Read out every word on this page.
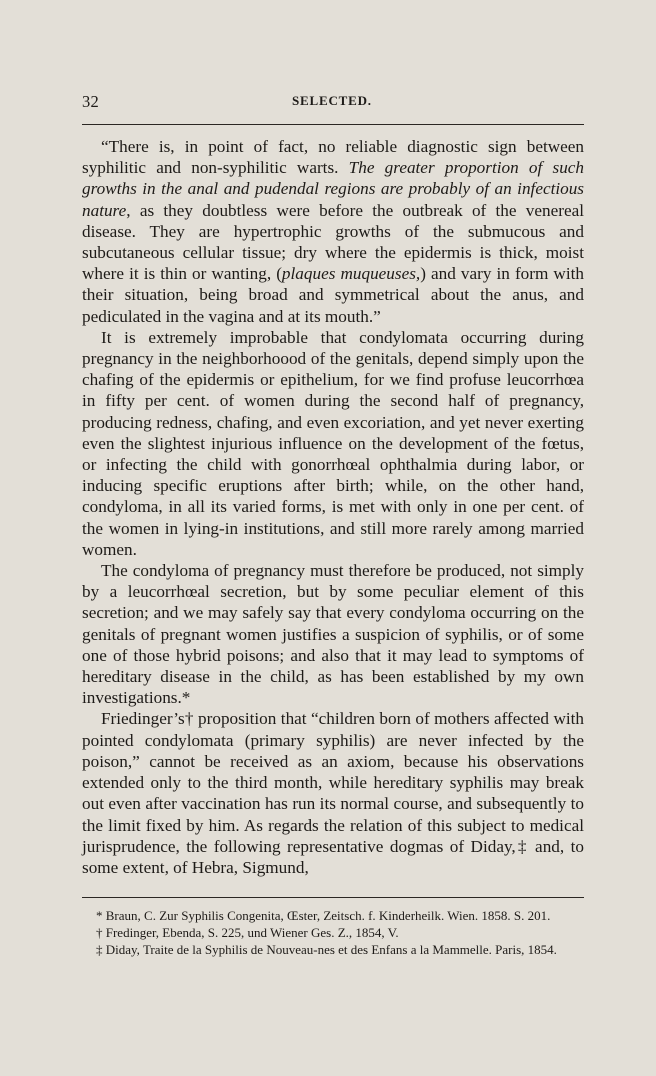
32	SELECTED.

“There is, in point of fact, no reliable diagnostic sign between syphilitic and non-syphilitic warts. The greater proportion of such growths in the anal and pudendal regions are probably of an infectious nature, as they doubtless were before the outbreak of the venereal disease. They are hypertrophic growths of the submucous and subcutaneous cellular tissue; dry where the epidermis is thick, moist where it is thin or wanting, (plaques muqueuses,) and vary in form with their situation, being broad and symmetrical about the anus, and pediculated in the vagina and at its mouth.”

It is extremely improbable that condylomata occurring during pregnancy in the neighborhoood of the genitals, depend simply upon the chafing of the epidermis or epithelium, for we find profuse leucorrhœa in fifty per cent. of women during the second half of pregnancy, producing redness, chafing, and even excoriation, and yet never exerting even the slightest injurious influence on the development of the fœtus, or infecting the child with gonorrhœal ophthalmia during labor, or inducing specific eruptions after birth; while, on the other hand, condyloma, in all its varied forms, is met with only in one per cent. of the women in lying-in institutions, and still more rarely among married women.

The condyloma of pregnancy must therefore be produced, not simply by a leucorrhœal secretion, but by some peculiar element of this secretion; and we may safely say that every condyloma occurring on the genitals of pregnant women justifies a suspicion of syphilis, or of some one of those hybrid poisons; and also that it may lead to symptoms of hereditary disease in the child, as has been established by my own investigations.*

Friedinger’s† proposition that “children born of mothers affected with pointed condylomata (primary syphilis) are never infected by the poison,” cannot be received as an axiom, because his observations extended only to the third month, while hereditary syphilis may break out even after vaccination has run its normal course, and subsequently to the limit fixed by him. As regards the relation of this subject to medical jurisprudence, the following representative dogmas of Diday,‡ and, to some extent, of Hebra, Sigmund,

* Braun, C. Zur Syphilis Congenita, Œster, Zeitsch. f. Kinderheilk. Wien. 1858. S. 201.

† Fredinger, Ebenda, S. 225, und Wiener Ges. Z., 1854, V.

‡ Diday, Traite de la Syphilis de Nouveau-nes et des Enfans a la Mammelle. Paris, 1854.
